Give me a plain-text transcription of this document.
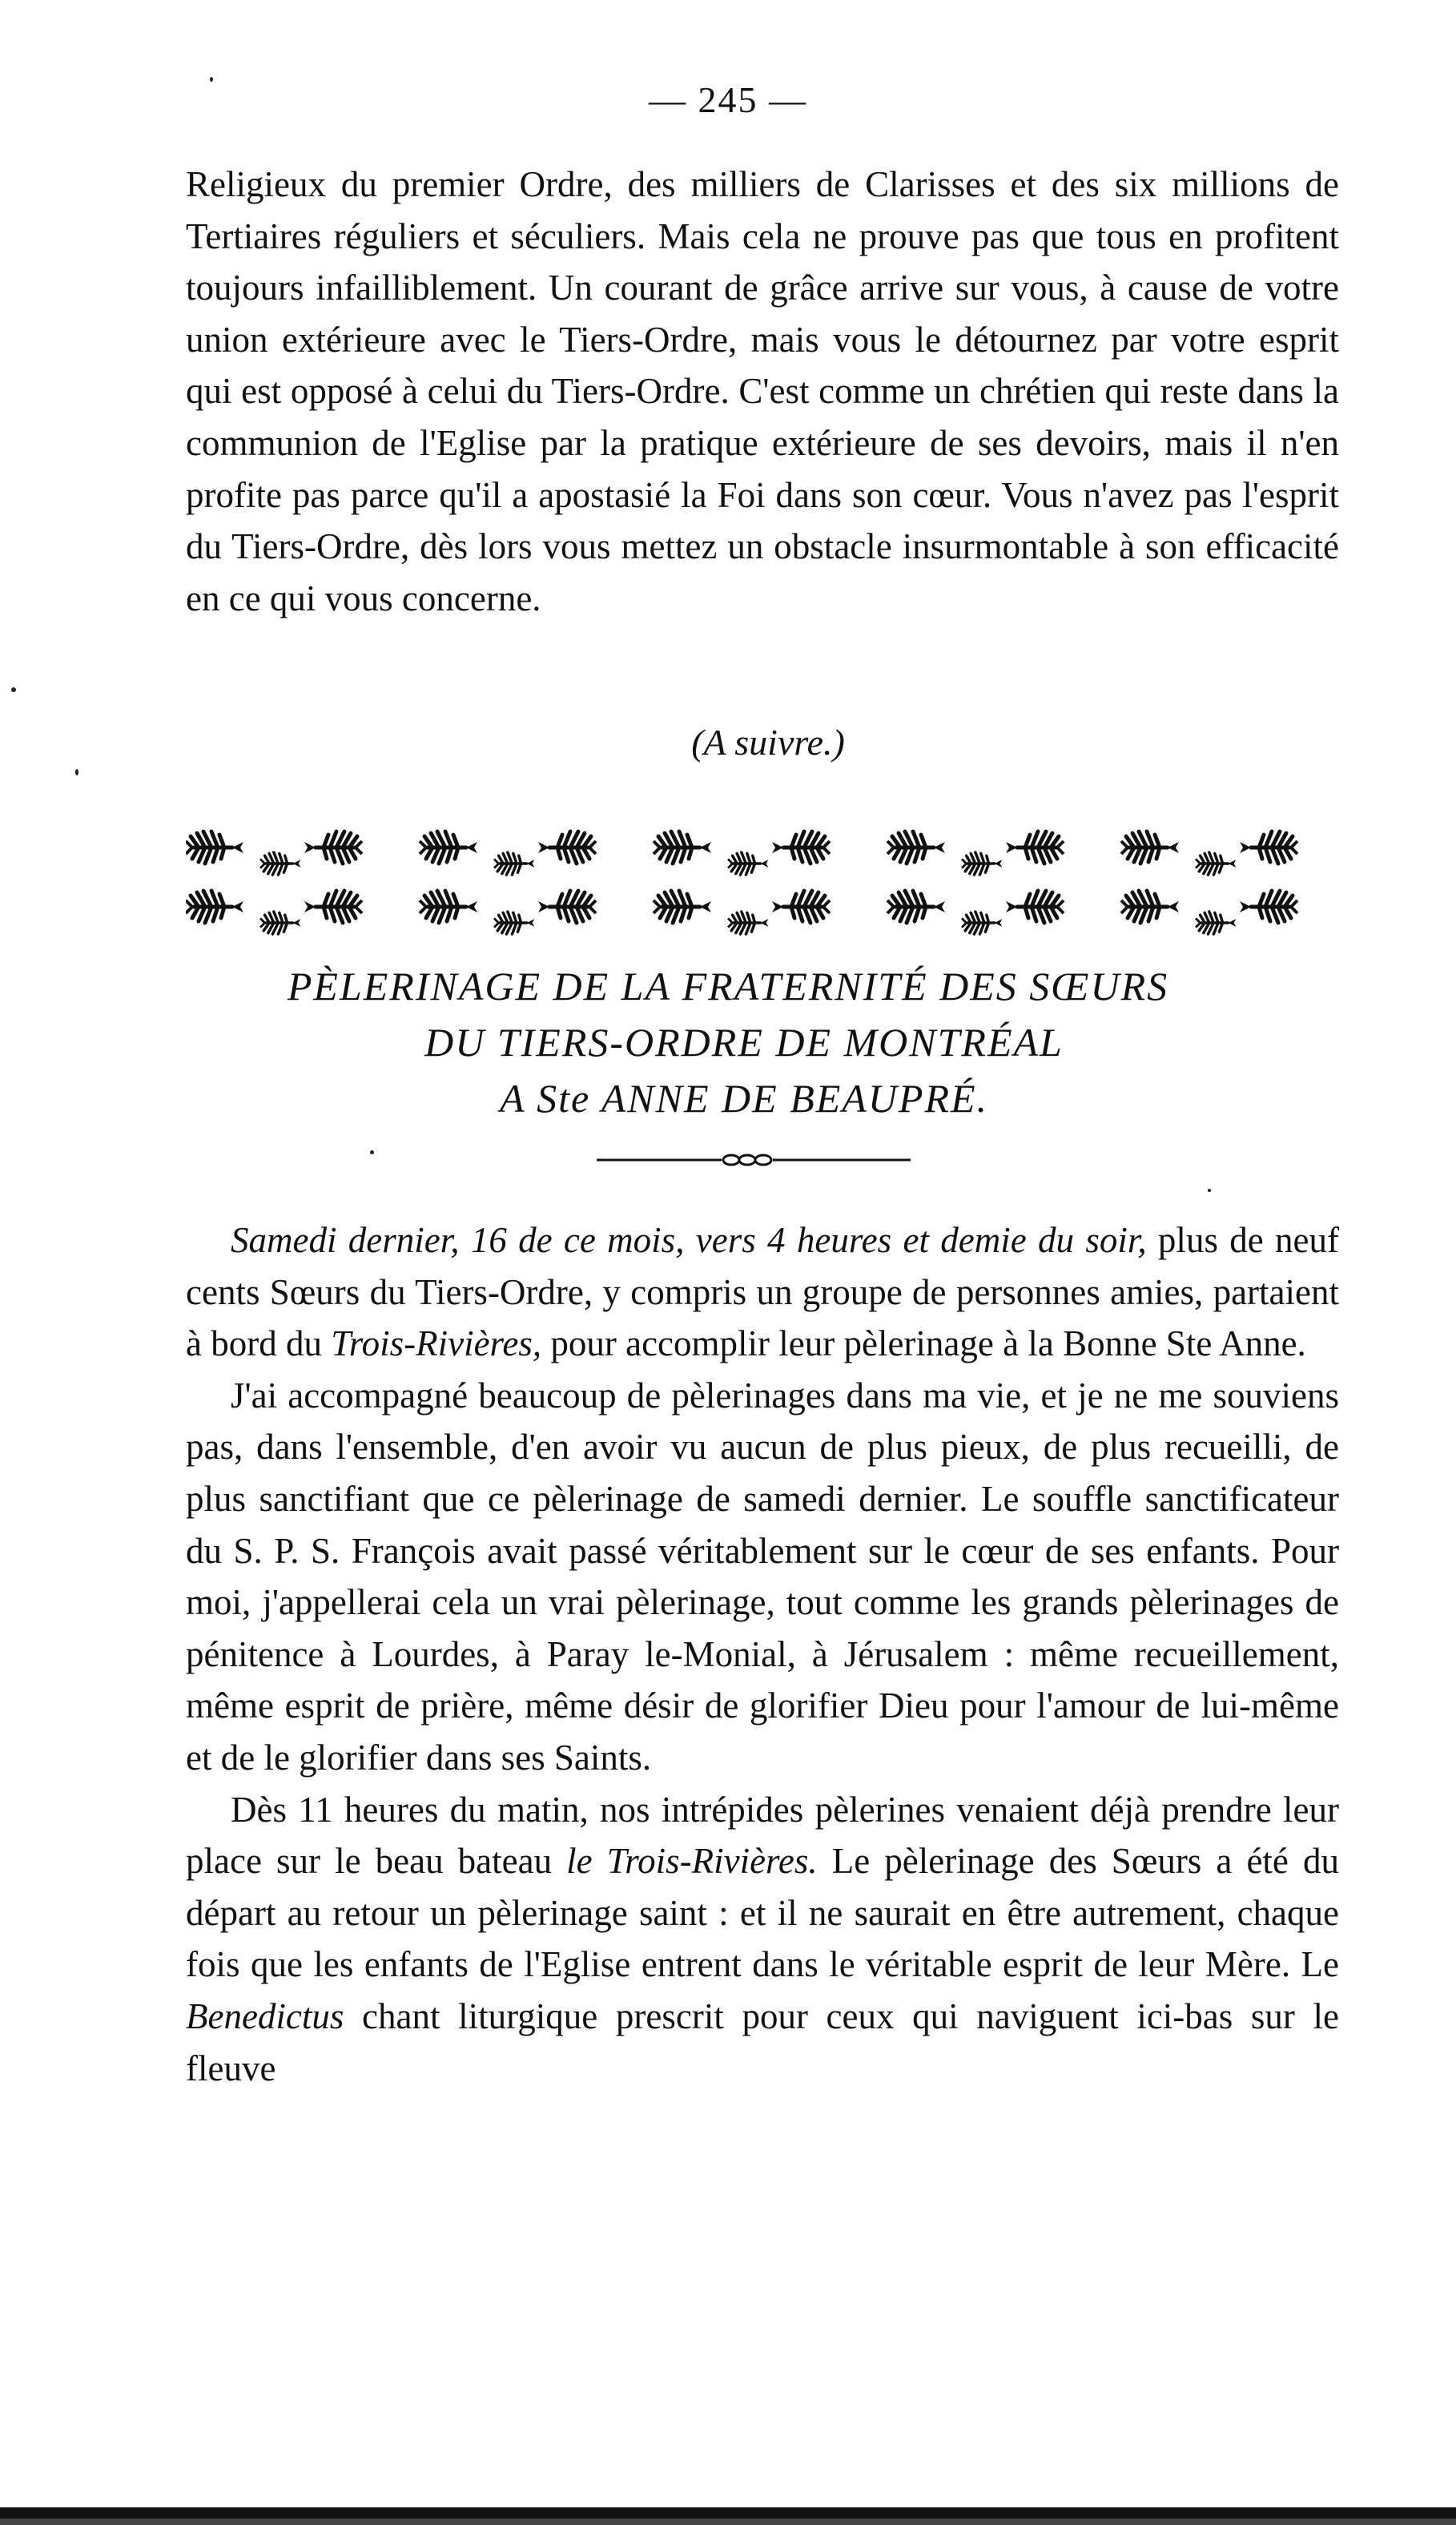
— 245 —

Religieux du premier Ordre, des milliers de Clarisses et des six millions de Tertiaires réguliers et séculiers. Mais cela ne prouve pas que tous en profitent toujours infailliblement. Un courant de grâce arrive sur vous, à cause de votre union extérieure avec le Tiers-Ordre, mais vous le détournez par votre esprit qui est opposé à celui du Tiers-Ordre. C'est comme un chrétien qui reste dans la communion de l'Eglise par la pratique extérieure de ses devoirs, mais il n'en profite pas parce qu'il a apostasié la Foi dans son cœur. Vous n'avez pas l'esprit du Tiers-Ordre, dès lors vous mettez un obstacle insurmontable à son efficacité en ce qui vous concerne.

(A suivre.)
PÈLERINAGE DE LA FRATERNITÉ DES SŒURS
DU TIERS-ORDRE DE MONTRÉAL
A Ste ANNE DE BEAUPRÉ.

Samedi dernier, 16 de ce mois, vers 4 heures et demie du soir, plus de neuf cents Sœurs du Tiers-Ordre, y compris un groupe de personnes amies, partaient à bord du Trois-Rivières, pour accomplir leur pèlerinage à la Bonne Ste Anne.

J'ai accompagné beaucoup de pèlerinages dans ma vie, et je ne me souviens pas, dans l'ensemble, d'en avoir vu aucun de plus pieux, de plus recueilli, de plus sanctifiant que ce pèlerinage de samedi dernier. Le souffle sanctificateur du S. P. S. François avait passé véritablement sur le cœur de ses enfants. Pour moi, j'appellerai cela un vrai pèlerinage, tout comme les grands pèlerinages de pénitence à Lourdes, à Paray le-Monial, à Jérusalem : même recueillement, même esprit de prière, même désir de glorifier Dieu pour l'amour de lui-même et de le glorifier dans ses Saints.

Dès 11 heures du matin, nos intrépides pèlerines venaient déjà prendre leur place sur le beau bateau le Trois-Rivières. Le pèlerinage des Sœurs a été du départ au retour un pèlerinage saint : et il ne saurait en être autrement, chaque fois que les enfants de l'Eglise entrent dans le véritable esprit de leur Mère. Le Benedictus chant liturgique prescrit pour ceux qui naviguent ici-bas sur le fleuve
